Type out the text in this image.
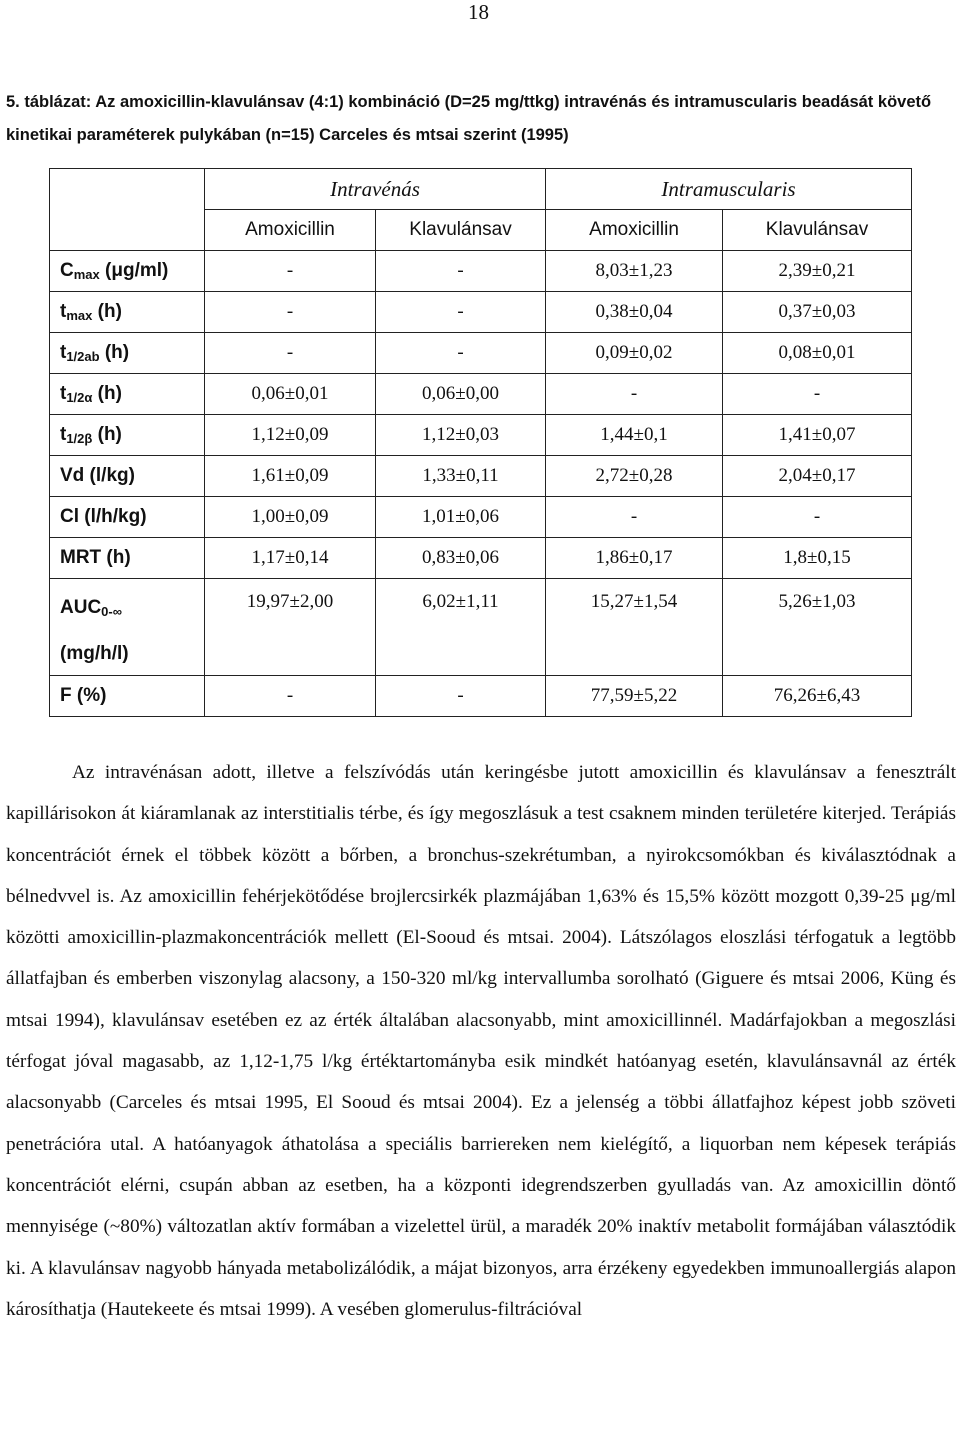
18
5. táblázat: Az amoxicillin-klavulánsav (4:1) kombináció (D=25 mg/ttkg) intravénás és intramuscularis beadását követő kinetikai paraméterek pulykában (n=15) Carceles és mtsai szerint (1995)
	Intravénás		Intramuscularis	
	Amoxicillin	Klavulánsav	Amoxicillin	Klavulánsav
Cmax (μg/ml)	-	-	8,03±1,23	2,39±0,21
tmax (h)	-	-	0,38±0,04	0,37±0,03
t1/2ab (h)	-	-	0,09±0,02	0,08±0,01
t1/2α (h)	0,06±0,01	0,06±0,00	-	-
t1/2β (h)	1,12±0,09	1,12±0,03	1,44±0,1	1,41±0,07
Vd (l/kg)	1,61±0,09	1,33±0,11	2,72±0,28	2,04±0,17
Cl (l/h/kg)	1,00±0,09	1,01±0,06	-	-
MRT (h)	1,17±0,14	0,83±0,06	1,86±0,17	1,8±0,15
AUC0-∞
(mg/h/l)	19,97±2,00	6,02±1,11	15,27±1,54	5,26±1,03
F (%)	-	-	77,59±5,22	76,26±6,43

Az intravénásan adott, illetve a felszívódás után keringésbe jutott amoxicillin és klavulánsav a fenesztrált kapillárisokon át kiáramlanak az interstitialis térbe, és így megoszlásuk a test csaknem minden területére kiterjed. Terápiás koncentrációt érnek el többek között a bőrben, a bronchus-szekrétumban, a nyirokcsomókban és kiválasztódnak a bélnedvvel is. Az amoxicillin fehérjekötődése brojlercsirkék plazmájában 1,63% és 15,5% között mozgott 0,39-25 μg/ml közötti amoxicillin-plazmakoncentrációk mellett (El-Sooud és mtsai. 2004). Látszólagos eloszlási térfogatuk a legtöbb állatfajban és emberben viszonylag alacsony, a 150-320 ml/kg intervallumba sorolható (Giguere és mtsai 2006, Küng és mtsai 1994), klavulánsav esetében ez az érték általában alacsonyabb, mint amoxicillinnél. Madárfajokban a megoszlási térfogat jóval magasabb, az 1,12-1,75 l/kg értéktartományba esik mindkét hatóanyag esetén, klavulánsavnál az érték alacsonyabb (Carceles és mtsai 1995, El Sooud és mtsai 2004). Ez a jelenség a többi állatfajhoz képest jobb szöveti penetrációra utal. A hatóanyagok áthatolása a speciális barriereken nem kielégítő, a liquorban nem képesek terápiás koncentrációt elérni, csupán abban az esetben, ha a központi idegrendszerben gyulladás van. Az amoxicillin döntő mennyisége (~80%) változatlan aktív formában a vizelettel ürül, a maradék 20% inaktív metabolit formájában választódik ki. A klavulánsav nagyobb hányada metabolizálódik, a májat bizonyos, arra érzékeny egyedekben immunoallergiás alapon károsíthatja (Hautekeete és mtsai 1999). A vesében glomerulus-filtrációval
